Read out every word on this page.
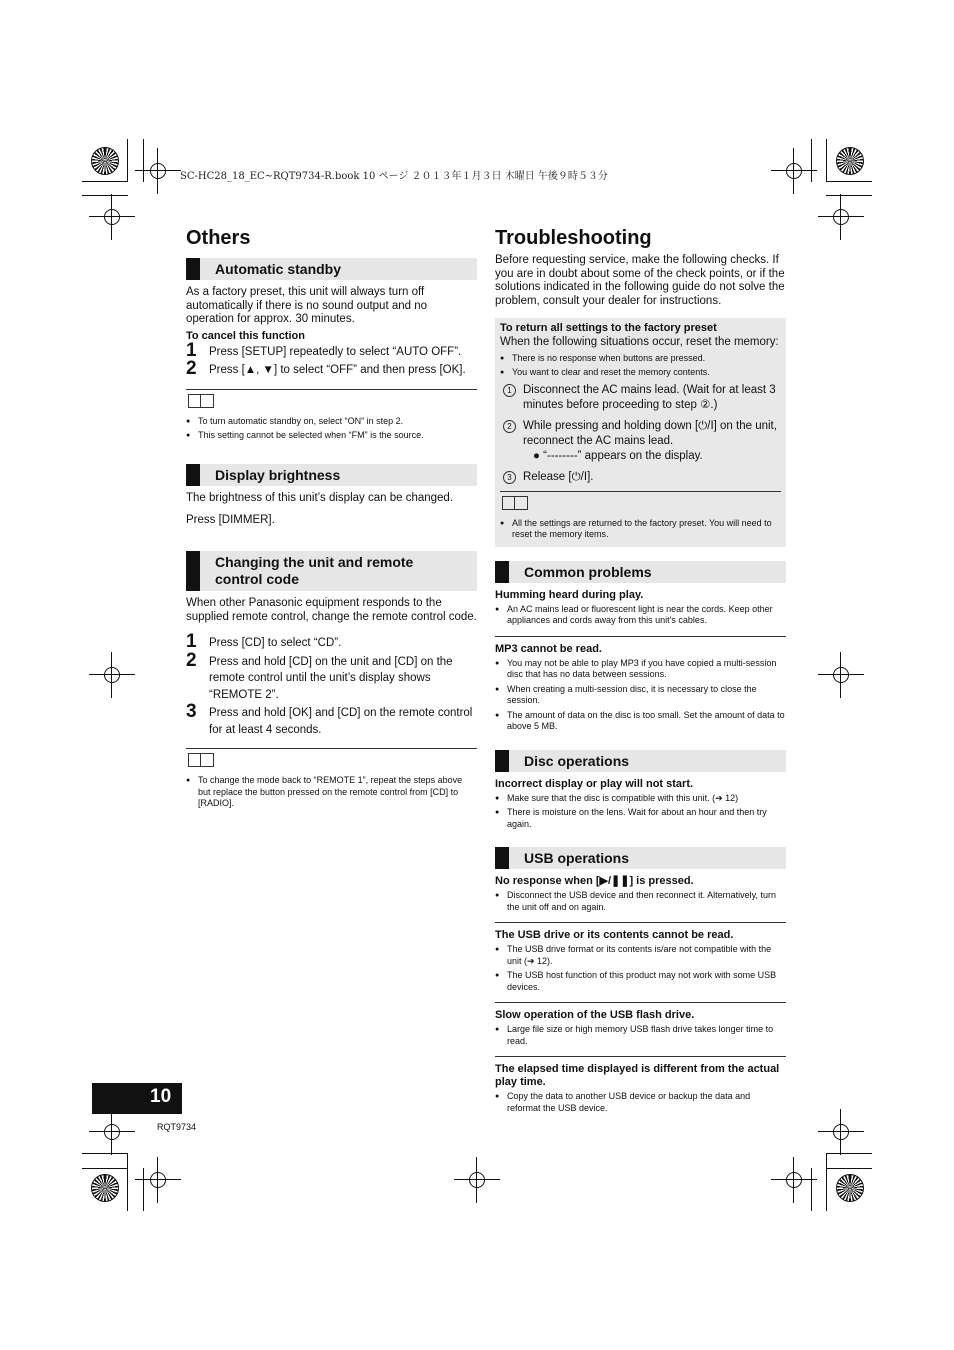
SC-HC28_18_EC~RQT9734-R.book 10 ページ ２０１３年１月３日 木曜日 午後９時５３分
Others
Automatic standby
As a factory preset, this unit will always turn off automatically if there is no sound output and no operation for approx. 30 minutes.
To cancel this function
1 Press [SETUP] repeatedly to select “AUTO OFF”.
2 Press [▲, ▼] to select “OFF” and then press [OK].
● To turn automatic standby on, select “ON” in step 2.
● This setting cannot be selected when “FM” is the source.
Display brightness
The brightness of this unit’s display can be changed.
Press [DIMMER].
Changing the unit and remote control code
When other Panasonic equipment responds to the supplied remote control, change the remote control code.
1 Press [CD] to select “CD”.
2 Press and hold [CD] on the unit and [CD] on the remote control until the unit’s display shows “REMOTE 2”.
3 Press and hold [OK] and [CD] on the remote control for at least 4 seconds.
● To change the mode back to “REMOTE 1”, repeat the steps above but replace the button pressed on the remote control from [CD] to [RADIO].
Troubleshooting
Before requesting service, make the following checks. If you are in doubt about some of the check points, or if the solutions indicated in the following guide do not solve the problem, consult your dealer for instructions.
To return all settings to the factory preset
When the following situations occur, reset the memory:
● There is no response when buttons are pressed.
● You want to clear and reset the memory contents.
1 Disconnect the AC mains lead. (Wait for at least 3 minutes before proceeding to step ②.)
2 While pressing and holding down [⏻/I] on the unit, reconnect the AC mains lead.
● “--------” appears on the display.
3 Release [⏻/I].
● All the settings are returned to the factory preset. You will need to reset the memory items.
Common problems
Humming heard during play.
● An AC mains lead or fluorescent light is near the cords. Keep other appliances and cords away from this unit’s cables.
MP3 cannot be read.
● You may not be able to play MP3 if you have copied a multi-session disc that has no data between sessions.
● When creating a multi-session disc, it is necessary to close the session.
● The amount of data on the disc is too small. Set the amount of data to above 5 MB.
Disc operations
Incorrect display or play will not start.
● Make sure that the disc is compatible with this unit. (➔ 12)
● There is moisture on the lens. Wait for about an hour and then try again.
USB operations
No response when [▶/❚❚] is pressed.
● Disconnect the USB device and then reconnect it. Alternatively, turn the unit off and on again.
The USB drive or its contents cannot be read.
● The USB drive format or its contents is/are not compatible with the unit (➔ 12).
● The USB host function of this product may not work with some USB devices.
Slow operation of the USB flash drive.
● Large file size or high memory USB flash drive takes longer time to read.
The elapsed time displayed is different from the actual play time.
● Copy the data to another USB device or backup the data and reformat the USB device.
10
RQT9734
